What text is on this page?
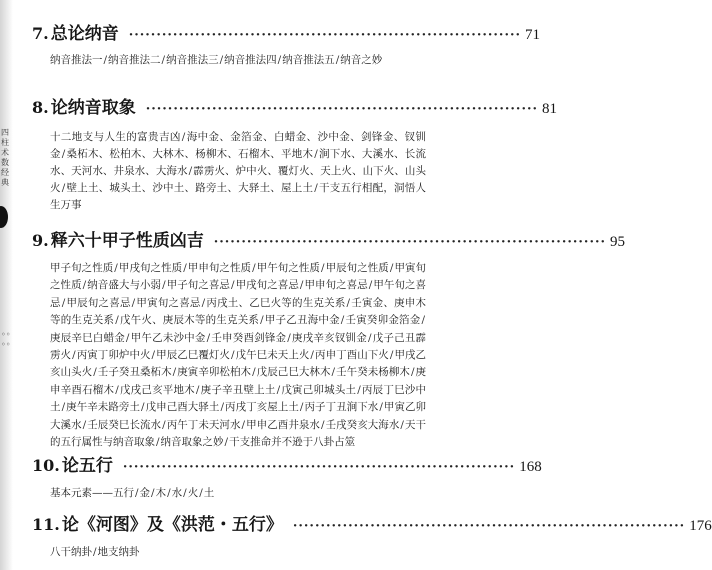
四柱术数经典
◦◦◦◦
7. 总论纳音 ······································································· 71
纳音推法一/纳音推法二/纳音推法三/纳音推法四/纳音推法五/纳音之妙
8. 论纳音取象 ······································································· 81
十二地支与人生的富贵吉凶/海中金、金箔金、白蜡金、沙中金、剑锋金、钗钏金/桑柘木、松柏木、大林木、杨柳木、石榴木、平地木/涧下水、大溪水、长流水、天河水、井泉水、大海水/霹雳火、炉中火、覆灯火、天上火、山下火、山头火/壁上土、城头土、沙中土、路旁土、大驿土、屋上土/干支五行相配，洞悟人生万事
9. 释六十甲子性质凶吉 ······································································· 95
甲子旬之性质/甲戌旬之性质/甲申旬之性质/甲午旬之性质/甲辰旬之性质/甲寅旬之性质/纳音盛大与小弱/甲子旬之喜忌/甲戌旬之喜忌/甲申旬之喜忌/甲午旬之喜忌/甲辰旬之喜忌/甲寅旬之喜忌/丙戌土、乙巳火等的生克关系/壬寅金、庚申木等的生克关系/戊午火、庚辰木等的生克关系/甲子乙丑海中金/壬寅癸卯金箔金/庚辰辛巳白蜡金/甲午乙未沙中金/壬申癸酉剑锋金/庚戌辛亥钗钏金/戊子己丑霹雳火/丙寅丁卯炉中火/甲辰乙巳覆灯火/戊午巳未天上火/丙申丁酉山下火/甲戌乙亥山头火/壬子癸丑桑柘木/庚寅辛卯松柏木/戊辰己巳大林木/壬午癸未杨柳木/庚申辛酉石榴木/戊戌己亥平地木/庚子辛丑壁上土/戊寅己卯城头土/丙辰丁巳沙中土/庚午辛未路旁土/戊申己酉大驿土/丙戌丁亥屋上土/丙子丁丑涧下水/甲寅乙卯大溪水/壬辰癸巳长流水/丙午丁未天河水/甲申乙酉井泉水/壬戌癸亥大海水/天干的五行属性与纳音取象/纳音取象之妙/干支推命并不逊于八卦占筮
10. 论五行 ······································································· 168
基本元素——五行/金/木/水/火/土
11. 论《河图》及《洪范・五行》 ······································································· 176
八干纳卦/地支纳卦
